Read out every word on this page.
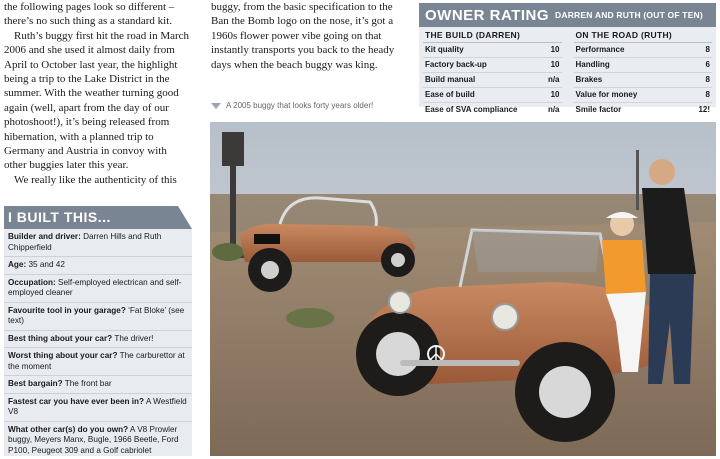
the following pages look so different – there’s no such thing as a standard kit.

Ruth’s buggy first hit the road in March 2006 and she used it almost daily from April to October last year, the highlight being a trip to the Lake District in the summer. With the weather turning good again (well, apart from the day of our photoshoot!), it’s being released from hibernation, with a planned trip to Germany and Austria in convoy with other buggies later this year.

We really like the authenticity of this

buggy, from the basic specification to the Ban the Bomb logo on the nose, it’s got a 1960s flower power vibe going on that instantly transports you back to the heady days when the beach buggy was king.

A 2005 buggy that looks forty years older!
OWNER RATING DARREN AND RUTH (OUT OF TEN)
THE BUILD (DARREN)
Kit quality	10
Factory back-up	10
Build manual	n/a
Ease of build	10
Ease of SVA compliance	n/a
ON THE ROAD (RUTH)
Performance	8
Handling	6
Brakes	8
Value for money	8
Smile factor	12!
I BUILT THIS...
Builder and driver: Darren Hills and Ruth Chipperfield
Age: 35 and 42
Occupation: Self-employed electrican and self-employed cleaner
Favourite tool in your garage? ‘Fat Bloke’ (see text)
Best thing about your car? The driver!
Worst thing about your car? The carburettor at the moment
Best bargain? The front bar
Fastest car you have ever been in? A Westfield V8
What other car(s) do you own? A V8 Prowler buggy, Meyers Manx, Bugle, 1966 Beetle, Ford P100, Peugeot 309 and a Golf cabriolet
